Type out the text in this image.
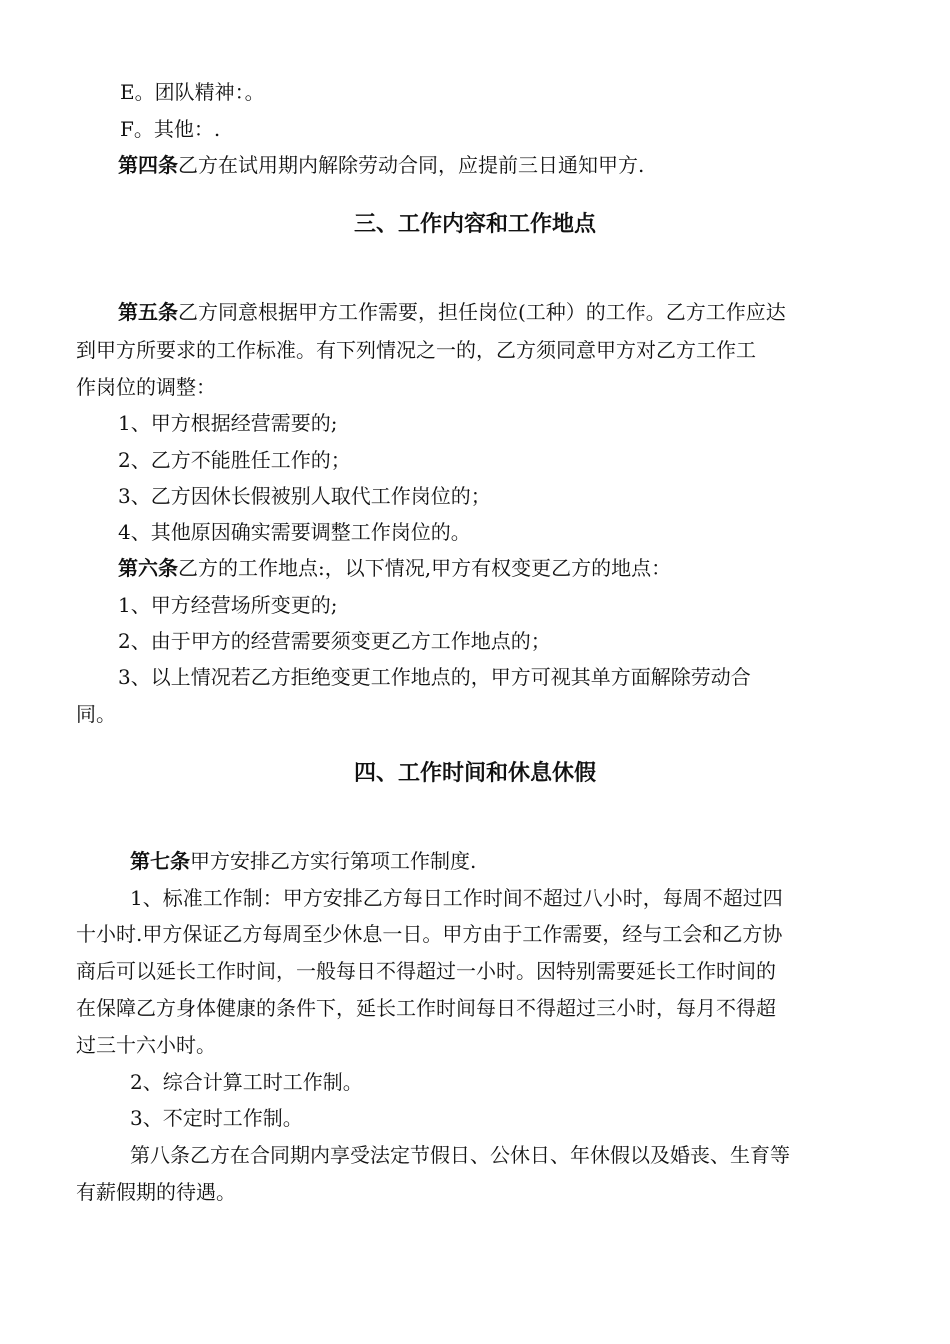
E。团队精神：。
F。其他：.
第四条乙方在试用期内解除劳动合同，应提前三日通知甲方.
三、工作内容和工作地点
第五条乙方同意根据甲方工作需要，担任岗位(工种）的工作。乙方工作应达
到甲方所要求的工作标准。有下列情况之一的，乙方须同意甲方对乙方工作工
作岗位的调整：
1、甲方根据经营需要的;
2、乙方不能胜任工作的；
3、乙方因休长假被别人取代工作岗位的；
4、其他原因确实需要调整工作岗位的。
第六条乙方的工作地点:，以下情况,甲方有权变更乙方的地点：
1、甲方经营场所变更的;
2、由于甲方的经营需要须变更乙方工作地点的；
3、以上情况若乙方拒绝变更工作地点的，甲方可视其单方面解除劳动合
同。
四、工作时间和休息休假
第七条甲方安排乙方实行第项工作制度.
1、标准工作制：甲方安排乙方每日工作时间不超过八小时，每周不超过四
十小时.甲方保证乙方每周至少休息一日。甲方由于工作需要，经与工会和乙方协
商后可以延长工作时间，一般每日不得超过一小时。因特别需要延长工作时间的
在保障乙方身体健康的条件下，延长工作时间每日不得超过三小时，每月不得超
过三十六小时。
2、综合计算工时工作制。
3、不定时工作制。
第八条乙方在合同期内享受法定节假日、公休日、年休假以及婚丧、生育等
有薪假期的待遇。
